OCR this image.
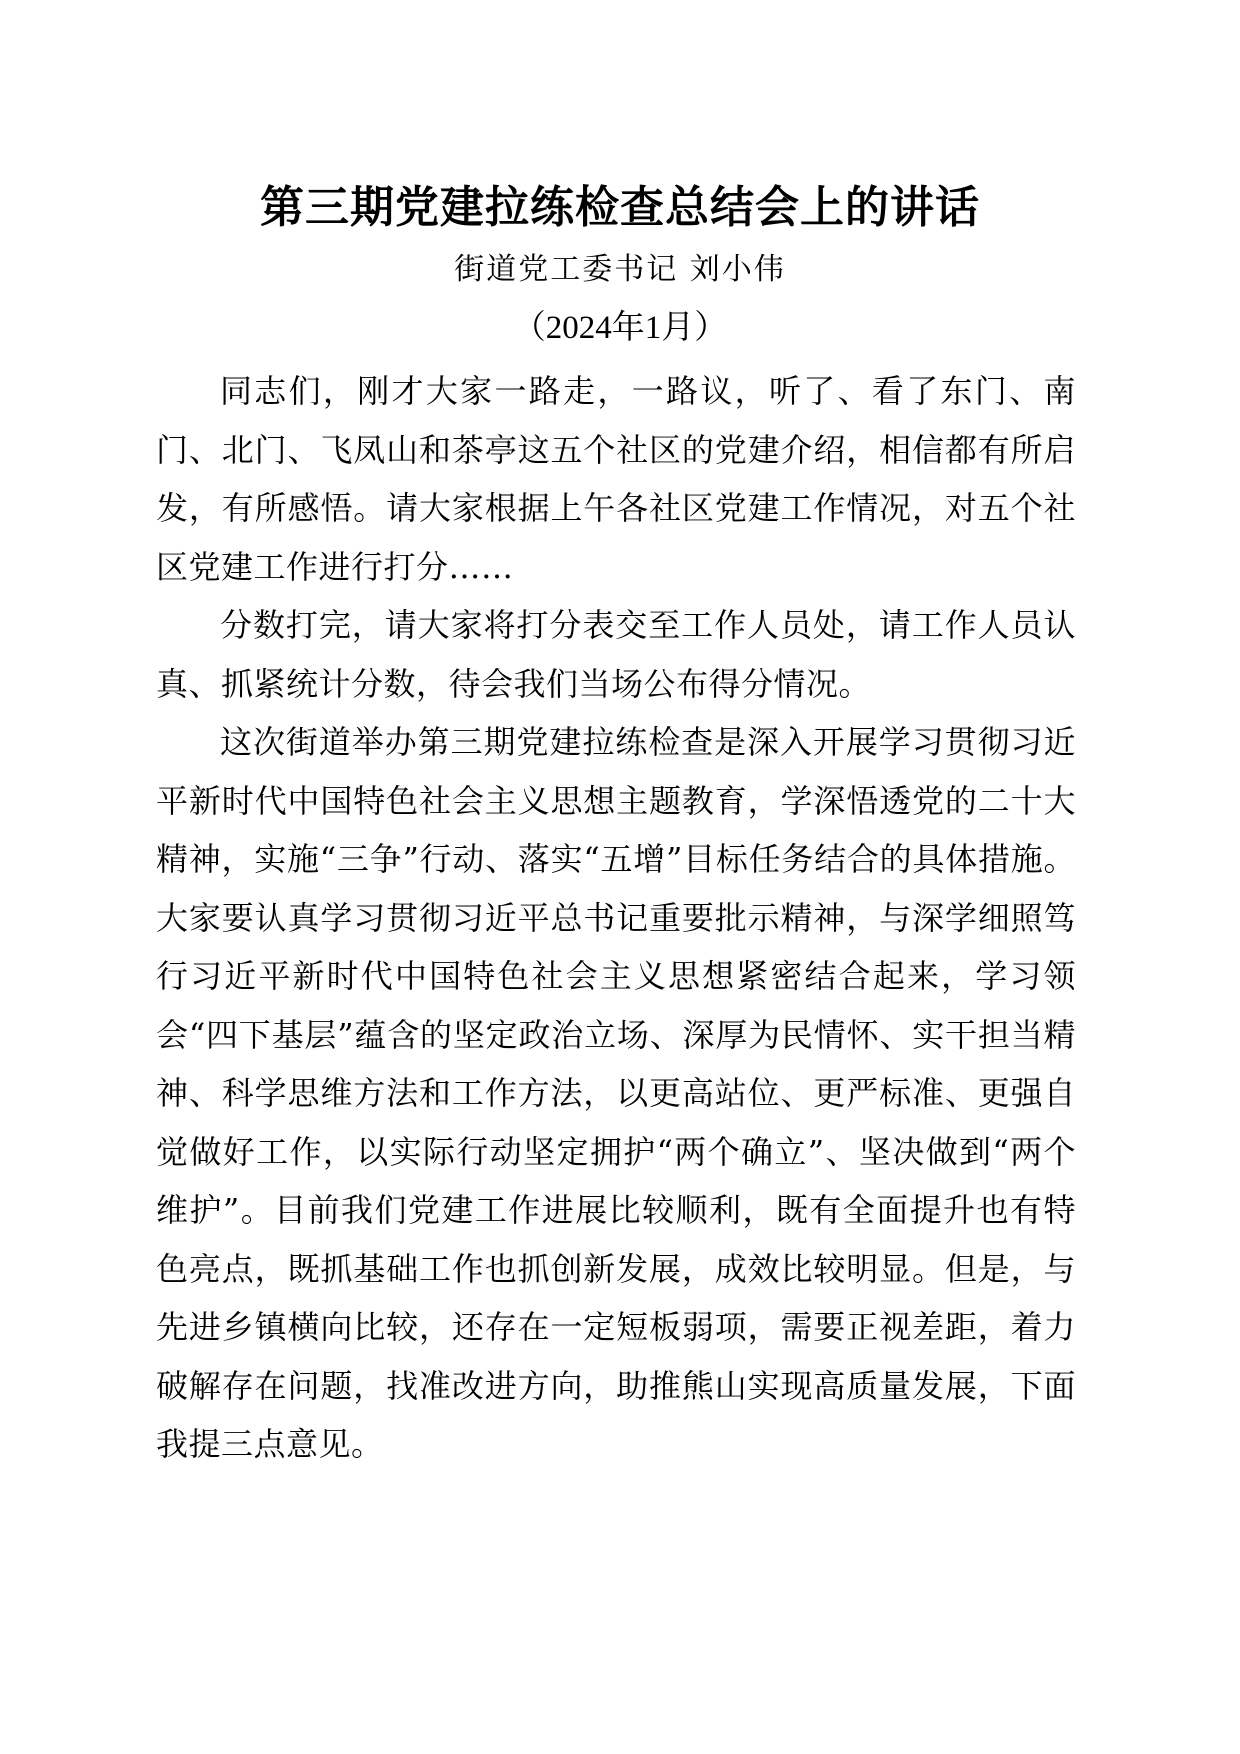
第三期党建拉练检查总结会上的讲话
街道党工委书记 刘小伟
（2024年1月）

同志们，刚才大家一路走，一路议，听了、看了东门、南门、北门、飞凤山和茶亭这五个社区的党建介绍，相信都有所启发，有所感悟。请大家根据上午各社区党建工作情况，对五个社区党建工作进行打分……

分数打完，请大家将打分表交至工作人员处，请工作人员认真、抓紧统计分数，待会我们当场公布得分情况。

这次街道举办第三期党建拉练检查是深入开展学习贯彻习近平新时代中国特色社会主义思想主题教育，学深悟透党的二十大精神，实施“三争”行动、落实“五增”目标任务结合的具体措施。大家要认真学习贯彻习近平总书记重要批示精神，与深学细照笃行习近平新时代中国特色社会主义思想紧密结合起来，学习领会“四下基层”蕴含的坚定政治立场、深厚为民情怀、实干担当精神、科学思维方法和工作方法，以更高站位、更严标准、更强自觉做好工作，以实际行动坚定拥护“两个确立”、坚决做到“两个维护”。目前我们党建工作进展比较顺利，既有全面提升也有特色亮点，既抓基础工作也抓创新发展，成效比较明显。但是，与先进乡镇横向比较，还存在一定短板弱项，需要正视差距，着力破解存在问题，找准改进方向，助推熊山实现高质量发展，下面我提三点意见。
